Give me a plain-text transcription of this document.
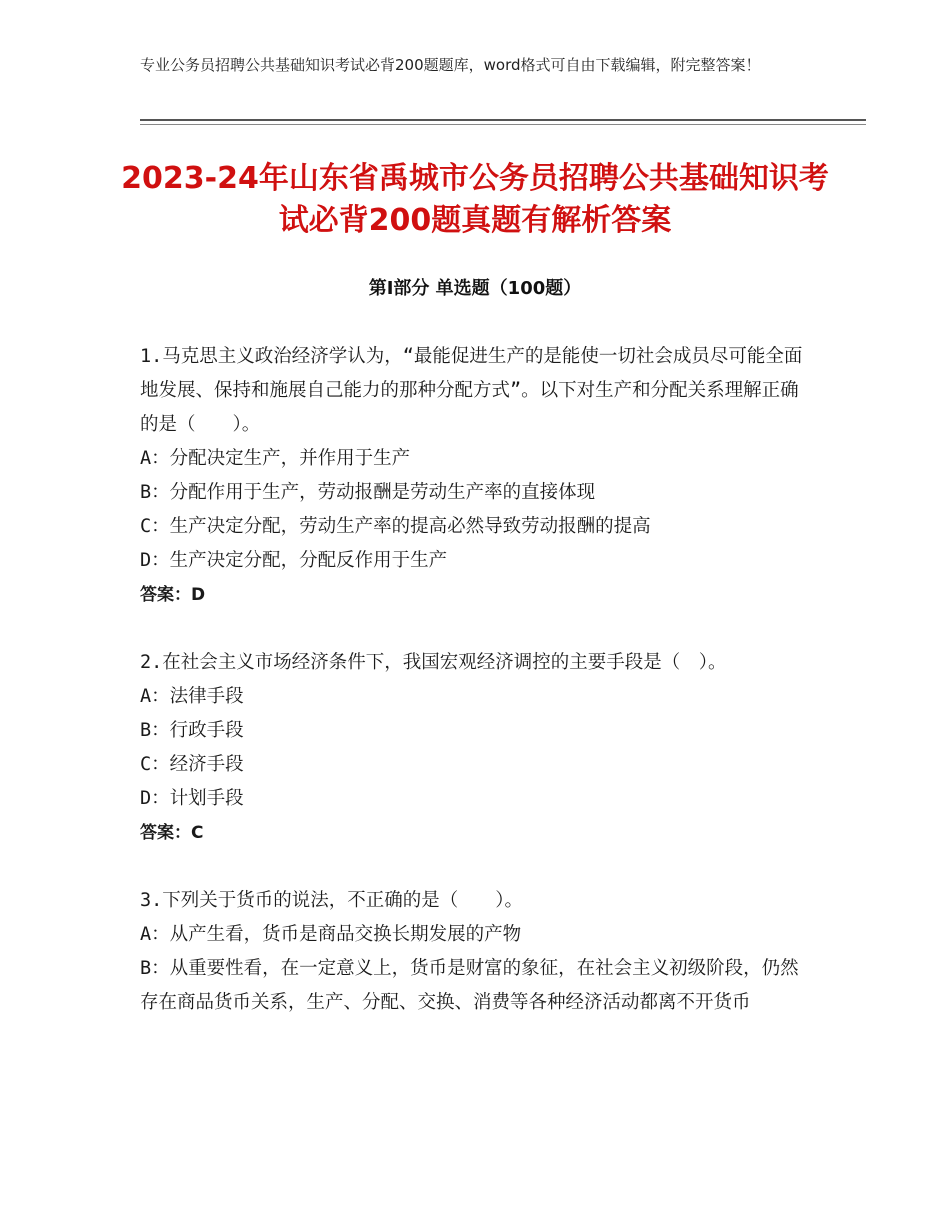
专业公务员招聘公共基础知识考试必背200题题库，word格式可自由下载编辑，附完整答案！
2023-24年山东省禹城市公务员招聘公共基础知识考试必背200题真题有解析答案
第Ⅰ部分 单选题（100题）

1.马克思主义政治经济学认为，“最能促进生产的是能使一切社会成员尽可能全面地发展、保持和施展自己能力的那种分配方式”。以下对生产和分配关系理解正确的是（　　）。

A：分配决定生产，并作用于生产

B：分配作用于生产，劳动报酬是劳动生产率的直接体现

C：生产决定分配，劳动生产率的提高必然导致劳动报酬的提高

D：生产决定分配，分配反作用于生产

答案：D

2.在社会主义市场经济条件下，我国宏观经济调控的主要手段是（　）。

A：法律手段

B：行政手段

C：经济手段

D：计划手段

答案：C

3.下列关于货币的说法，不正确的是（　　）。

A：从产生看，货币是商品交换长期发展的产物

B：从重要性看，在一定意义上，货币是财富的象征，在社会主义初级阶段，仍然存在商品货币关系，生产、分配、交换、消费等各种经济活动都离不开货币
